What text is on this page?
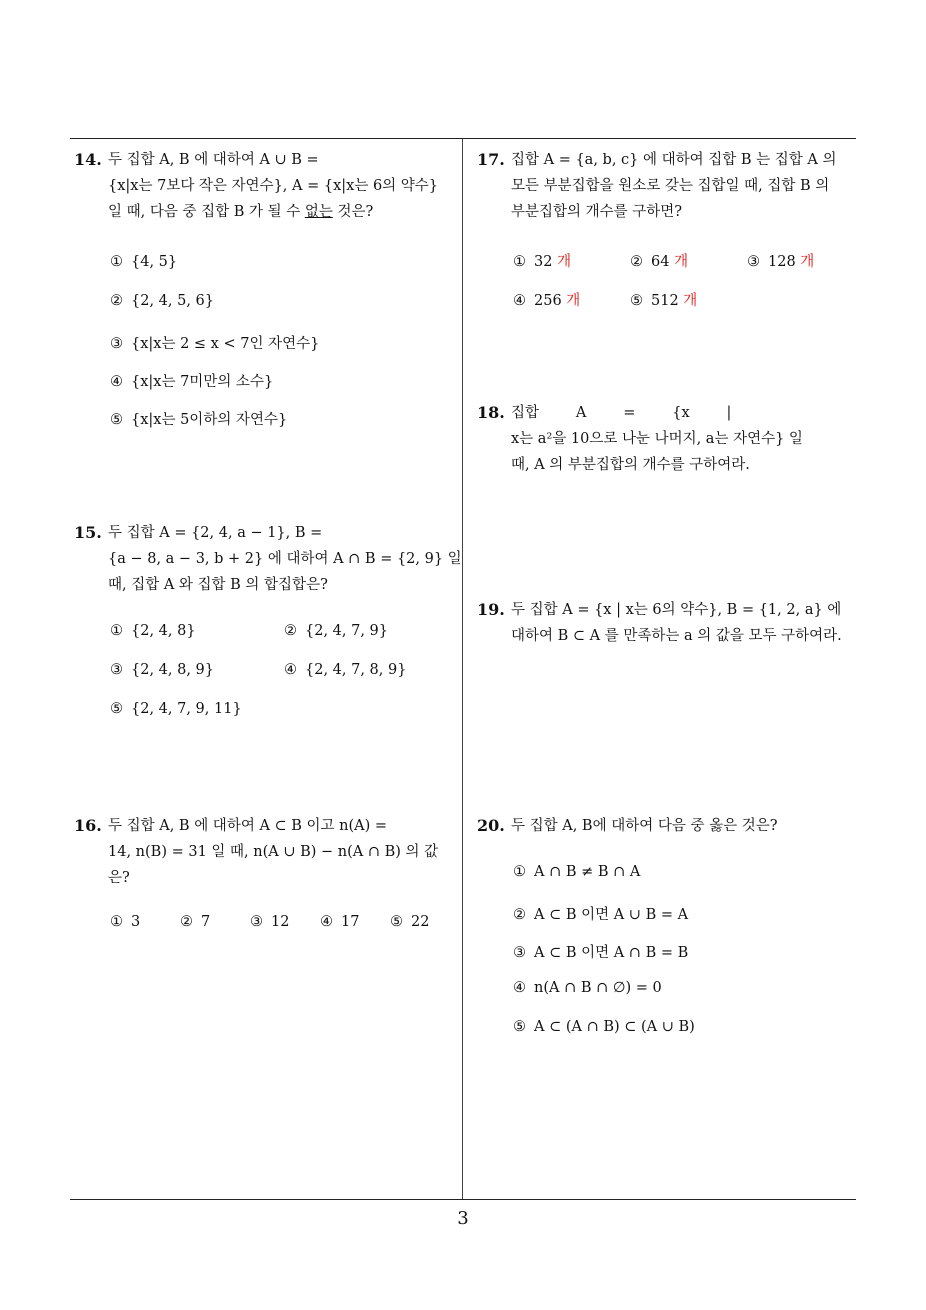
14. 두 집합 A, B 에 대하여 A ∪ B =
{x|x는 7보다 작은 자연수}, A = {x|x는 6의 약수}
일 때, 다음 중 집합 B 가 될 수 없는 것은?
① {4, 5}
② {2, 4, 5, 6}
③ {x|x는 2 ≤ x < 7인 자연수}
④ {x|x는 7미만의 소수}
⑤ {x|x는 5이하의 자연수}
15. 두 집합 A = {2, 4, a − 1}, B =
{a − 8, a − 3, b + 2} 에 대하여 A ∩ B = {2, 9} 일
때, 집합 A 와 집합 B 의 합집합은?
① {2, 4, 8}	② {2, 4, 7, 9}
③ {2, 4, 8, 9}	④ {2, 4, 7, 8, 9}
⑤ {2, 4, 7, 9, 11}
16. 두 집합 A, B 에 대하여 A ⊂ B 이고 n(A) =
14, n(B) = 31 일 때, n(A ∪ B) − n(A ∩ B) 의 값
은?
① 3	② 7	③ 12 ④ 17 ⑤ 22
17. 집합 A = {a, b, c} 에 대하여 집합 B 는 집합 A 의
모든 부분집합을 원소로 갖는 집합일 때, 집합 B 의
부분집합의 개수를 구하면?
① 32 개	② 64 개	③ 128 개
④ 256 개	⑤ 512 개
18. 집합        A        =        {x        |
x는 a²을 10으로 나눈 나머지, a는 자연수} 일
때, A 의 부분집합의 개수를 구하여라.
19. 두 집합 A = {x | x는 6의 약수}, B = {1, 2, a} 에
대하여 B ⊂ A 를 만족하는 a 의 값을 모두 구하여라.
20. 두 집합 A, B에 대하여 다음 중 옳은 것은?
① A ∩ B ≠ B ∩ A
② A ⊂ B 이면 A ∪ B = A
③ A ⊂ B 이면 A ∩ B = B
④ n(A ∩ B ∩ ∅) = 0
⑤ A ⊂ (A ∩ B) ⊂ (A ∪ B)
3
